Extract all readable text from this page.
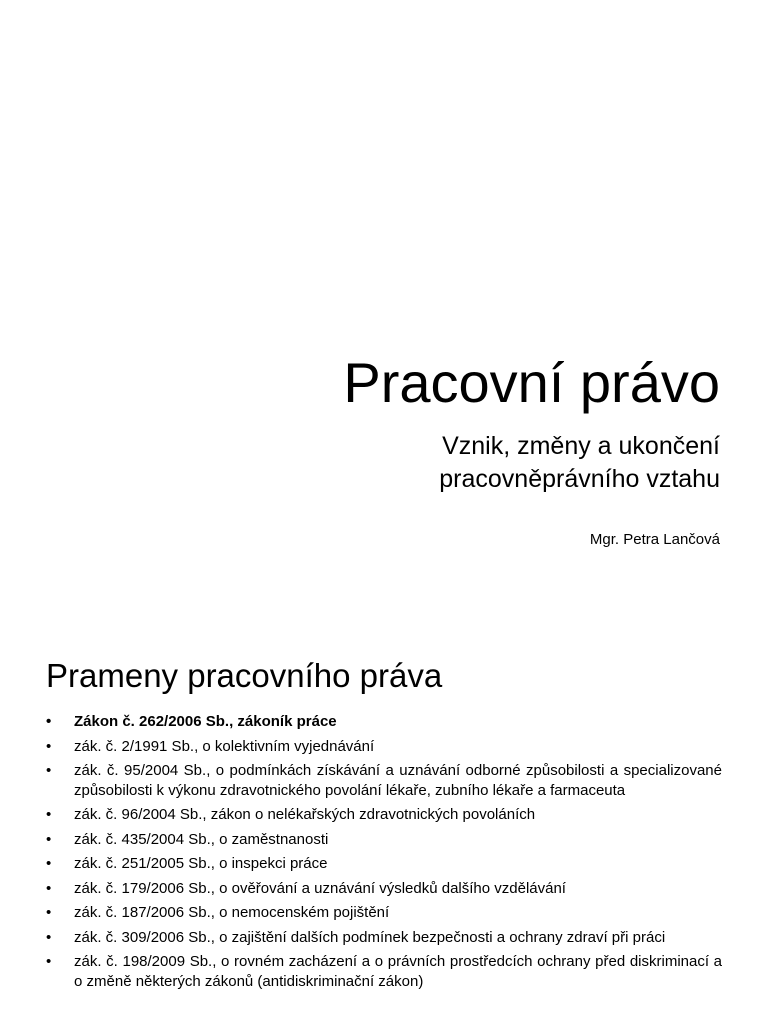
Pracovní právo

Vznik, změny a ukončení pracovněprávního vztahu

Mgr. Petra Lančová

Prameny pracovního práva
• Zákon č. 262/2006 Sb., zákoník práce
• zák. č. 2/1991 Sb., o kolektivním vyjednávání
• zák. č. 95/2004 Sb., o podmínkách získávání a uznávání odborné způsobilosti a specializované způsobilosti k výkonu zdravotnického povolání lékaře, zubního lékaře a farmaceuta
• zák. č. 96/2004 Sb., zákon o nelékařských zdravotnických povoláních
• zák. č. 435/2004 Sb., o zaměstnanosti
• zák. č. 251/2005 Sb., o inspekci práce
• zák. č. 179/2006 Sb., o ověřování a uznávání výsledků dalšího vzdělávání
• zák. č. 187/2006 Sb., o nemocenském pojištění
• zák. č. 309/2006 Sb., o zajištění dalších podmínek bezpečnosti a ochrany zdraví při práci
• zák. č. 198/2009 Sb., o rovném zacházení a o právních prostředcích ochrany před diskriminací a o změně některých zákonů (antidiskriminační zákon)
